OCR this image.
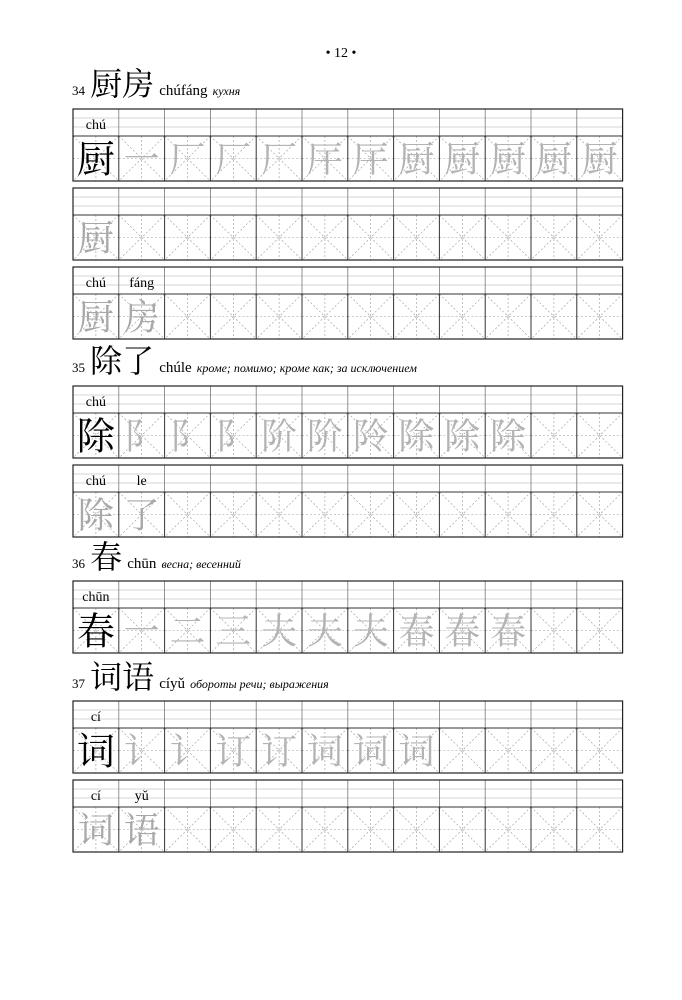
• 12 •
34 厨房 chúfáng кухня
chú
厨 一 厂 厂 厂 厈 厈 厨 厨 厨 厨 厨
厨
chú fáng
厨 房
35 除了 chúle кроме; помимо; кроме как; за исключением
chú
除 阝 阝 阝 阶 阶 阾 除 除 除
chú le
除 了
36 春 chūn весна; весенний
chūn
春 一 二 三 夫 夫 夫 春 春 春
37 词语 cíyǔ обороты речи; выражения
cí
词 讠 讠 订 订 词 词 词
cí yǔ
词 语
